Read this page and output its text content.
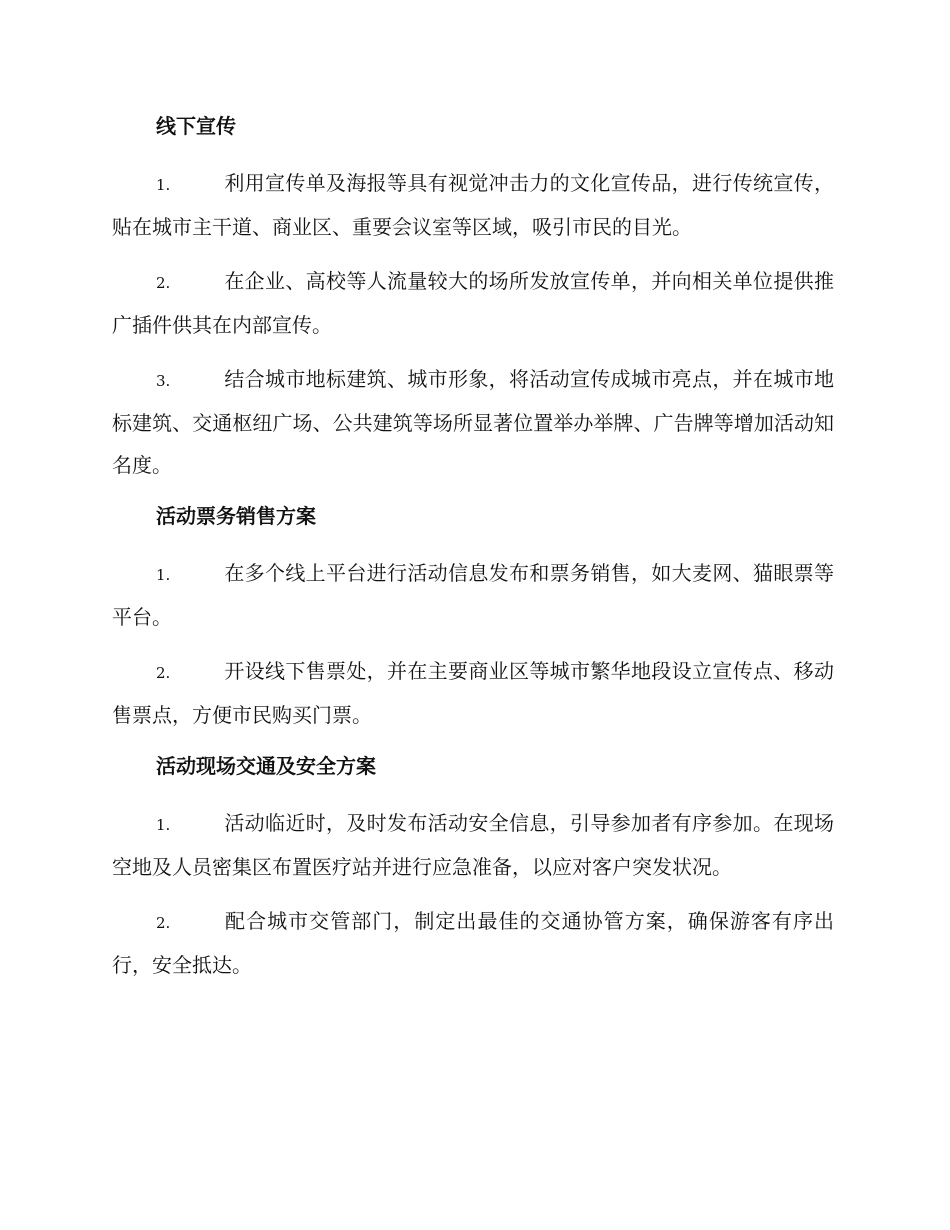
线下宣传

1.	利用宣传单及海报等具有视觉冲击力的文化宣传品，进行传统宣传，贴在城市主干道、商业区、重要会议室等区域，吸引市民的目光。

2.	在企业、高校等人流量较大的场所发放宣传单，并向相关单位提供推广插件供其在内部宣传。

3.	结合城市地标建筑、城市形象，将活动宣传成城市亮点，并在城市地标建筑、交通枢纽广场、公共建筑等场所显著位置举办举牌、广告牌等增加活动知名度。

活动票务销售方案

1.	在多个线上平台进行活动信息发布和票务销售，如大麦网、猫眼票等平台。

2.	开设线下售票处，并在主要商业区等城市繁华地段设立宣传点、移动售票点，方便市民购买门票。

活动现场交通及安全方案

1.	活动临近时，及时发布活动安全信息，引导参加者有序参加。在现场空地及人员密集区布置医疗站并进行应急准备，以应对客户突发状况。

2.	配合城市交管部门，制定出最佳的交通协管方案，确保游客有序出行，安全抵达。
